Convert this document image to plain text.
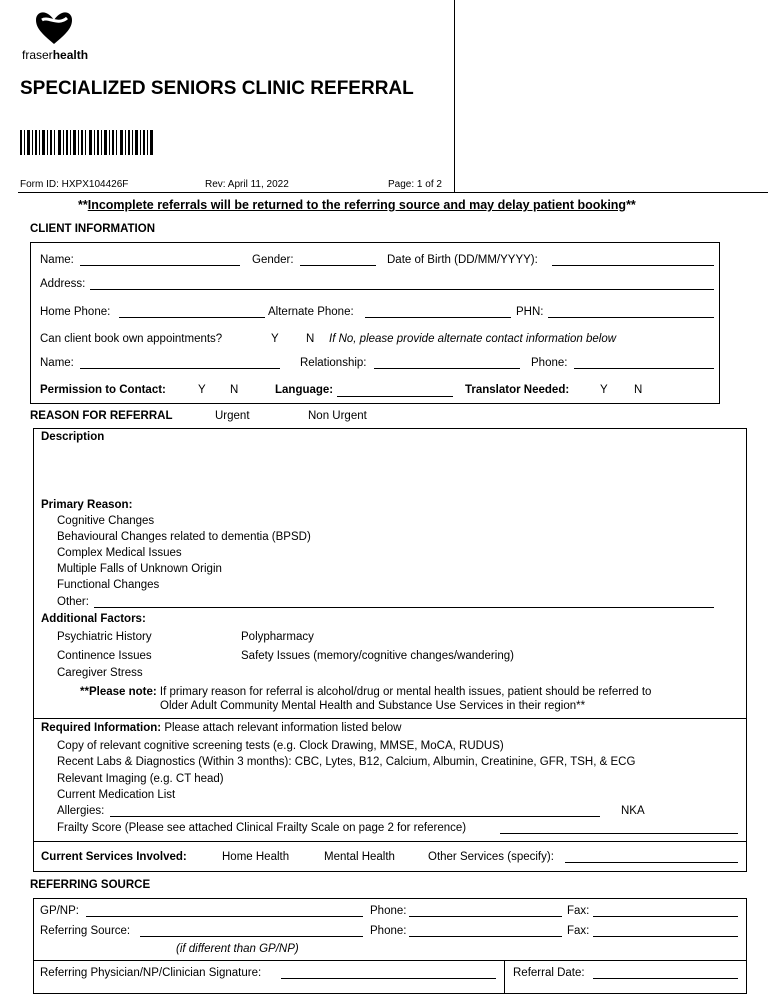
fraserhealth
SPECIALIZED SENIORS CLINIC REFERRAL
Form ID: HXPX104426F	Rev: April 11, 2022	Page: 1 of 2
**Incomplete referrals will be returned to the referring source and may delay patient booking**
CLIENT INFORMATION
Name:	Gender:	Date of Birth (DD/MM/YYYY):
Address:
Home Phone:	Alternate Phone:	PHN:
Can client book own appointments?	Y N If No, please provide alternate contact information below
Name:	Relationship:	Phone:
Permission to Contact:	Y N	Language:	Translator Needed:	Y N
REASON FOR REFERRAL	Urgent	Non Urgent
Description
Primary Reason:
Cognitive Changes
Behavioural Changes related to dementia (BPSD)
Complex Medical Issues
Multiple Falls of Unknown Origin
Functional Changes
Other:
Additional Factors:
Psychiatric History	Polypharmacy
Continence Issues	Safety Issues (memory/cognitive changes/wandering)
Caregiver Stress
**Please note: If primary reason for referral is alcohol/drug or mental health issues, patient should be referred to
Older Adult Community Mental Health and Substance Use Services in their region**
Required Information: Please attach relevant information listed below
Copy of relevant cognitive screening tests (e.g. Clock Drawing, MMSE, MoCA, RUDUS)
Recent Labs & Diagnostics (Within 3 months): CBC, Lytes, B12, Calcium, Albumin, Creatinine, GFR, TSH, & ECG
Relevant Imaging (e.g. CT head)
Current Medication List
Allergies:	NKA
Frailty Score (Please see attached Clinical Frailty Scale on page 2 for reference)
Current Services Involved:	Home Health	Mental Health	Other Services (specify):
REFERRING SOURCE
GP/NP:	Phone:	Fax:
Referring Source:	Phone:	Fax:
(if different than GP/NP)
Referring Physician/NP/Clinician Signature:	Referral Date:
